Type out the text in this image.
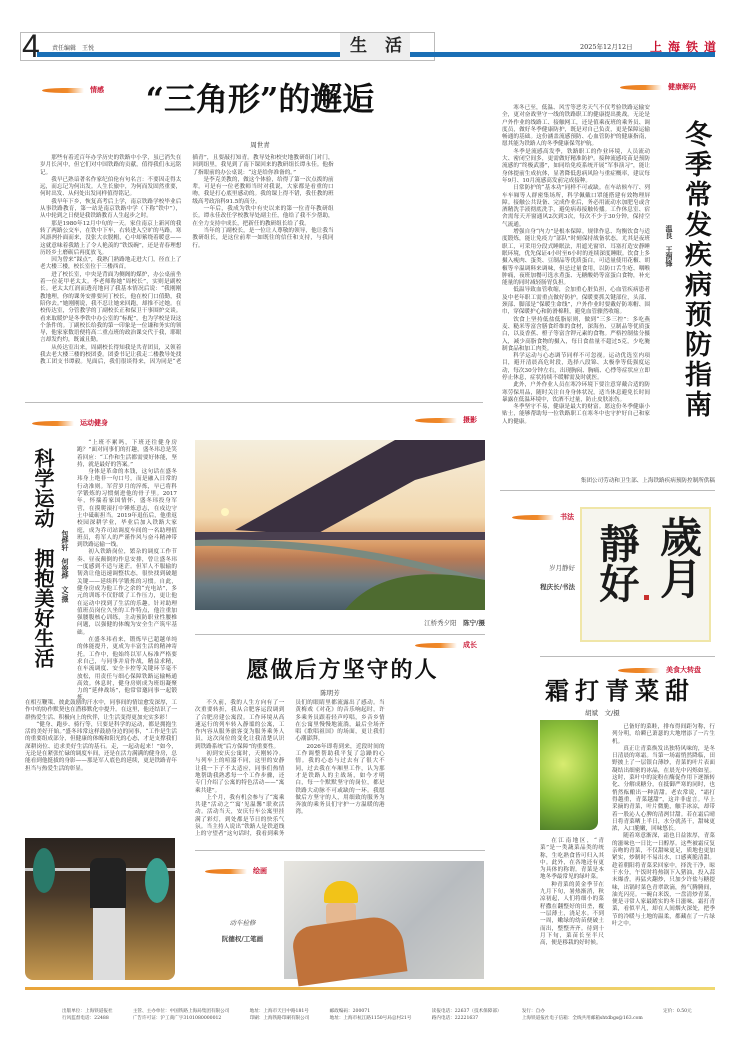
4 责任编辑　王悦	生活	2025年12月12日 上海铁道
情感	“三角形”的邂逅
周世青

那些有着近百年办学历史的铁路中小学，虽已消失在岁月长河中，但它们对中国铁路的贡献，值得我们永远铭记。

我早已熟谙著名作家纪伯伦有句名言：不要因走得太远，而忘记为何出发。人生长旅中，为何而发固然重要，何时出发、从何处出发同样值得铭记。

我早年下乡，恢复高考后上学，南京铁路学校毕业后从事铁路教育，第一站是南京铁路中学（下称“铁中”），从中轮到之日便是我铁路教育人生起步之时。

那是1980年12月中旬的一天。家住南京上新河的我转了两路公交车，在铁中下车，右转进入空旷的马路。寒风凛冽扑面而来，没张大衣脱帽，心中却萦绕着暖意——这就意味着我踏上了令人艳羡的“铁饭碗”，还是青春理想历经乡土磨砺后再度放飞。

因为曾来“踩点”，我熟门熟路地走进大门，径直上了老大楼三楼，校长室位于三楼西首。

进了校长室，中央是背面为侧阁的煤炉，办公桌前坐着一位花甲老太太。李老师称她“周校长”，实则是副校长。老太太红润而透亮地问了我基本情况后说：“我刚刚教地理，你的课务安排要问丁校长，他在校门口值勤，我陪你去。”她刚刚说，我不忍让她来回跑，却推不过她。在校传达室，分管教学的丁副校长正和保卫干事围炉交谈。看来取暖炉是冬季铁中办公室的“标配”，也为学校是设这个条件的。丁副校长给我的第一印象是一位谦和务实的领导，他家家数语便将高二重点班的政治课交代于我，耶眼言却发灼灼，既诚且勤。

从传达室出来，周副校长得知我是共青团员，又领着我去老大楼三楼的校团委。团委书记让我走二楼教导处找教工团支书谭毅。见面后，我们很谈得来，因为同是“老插青”，且要敲打知青。教导处和校史地教研组门对门，回到组里，我见到了南下课回来的教研组长谭永佳。他指了指眼前的办公桌说：“这是给你准备的。”

是李克美教的，做这个体验，给得了第一次点拨的前辈。可是有一位老教师当时对我说，大家都是看重的口吻，我是打心底里感动的。我的课上得不错，我任教的班级高考政治科91.5的高分。

一年后，我成为铁中有史以来的第一位青年教研组长。谭永佳改任学校教导处副主任，他给了我不少帮助，在全力支持中成长，把新任的教研组长给了我。

当年的丁副校长，是一位让人尊敬的领导，他让我当教研组长，是这位前辈一如既往的信任和支持，与我同行。

健康解码

寒冬已至，低温、风雪等恶劣天气不仅考验铁路运输安全，更对奋战坚守一线的铁路职工的健康提出挑战。无论是户外作业的线路工、接触网工，还是值乘夜班的乘务员、调度员，做好冬季健康防护，既是对自己负责，更是保障运输畅通的基础。这份涵盖流感预防、心血管防护的健康指南，愿其能为铁路人的冬季健康保驾护航。

冬季是流感高发季，铁路职工的作业环境，人员流动大、密闭空间多，更需做好精准防护。接种流感疫苗是预防流感的“终极武器”，如同给免疫系统开展“军事演习”，能让身体提前生成抗体，显著降低患病风险与重症概率，建议每年9月、10月流感高发前完成接种。

日常防护的“基本功”同样不可或缺。在车站候车厅、列车车厢等人群密集场所，科学佩戴口罩能搭建有效物理屏障。接触公共设备、完成作业后，务必用流动水加肥皂或含酒精洗手液彻底洗手，避免病毒接触传播。工作休息室、宿舍需每天开窗通风2次到3次，每次不少于30分钟，保持空气流通。

增强自身“内力”是根本保障。规律作息、均衡饮食与适度锻炼，能让免疫力“部队”时刻保持战备状态，尤其是夜班职工，可采用分段式睡眠法，用遮光窗帘、耳塞打造安静睡眠环境，优先保证4小时至6小时的连续深度睡眠。饮食上多摄入瘦肉、蛋类、豆制品等优质蛋白，可适量使用花椒、胡椒等辛温调料来调味，但忌过量食用，以防口舌生疮、咽喉肿痛，夜班加餐可选水煮蛋、无糖酸奶等富蛋白食物，补充能量的同时减轻肠胃负担。

低温导致血管收缩，会加重心脏负担，心血管疾病患者及中老年职工需重点做好防护。保暖要抓关键部位，头部、颈部、脚部是“保暖生命线”，户外作业时要戴好防寒帽、围巾，穿保暖护心和防滑棉鞋，避免血管骤然收缩。

饮食上坚持低盐低脂原则，做到“三多三控”：多吃燕麦、糙米等富含膳食纤维的食材，深海鱼、豆制品等优质蛋白，以及香蕉、橙子等富含钾元素的食物。严格控制盐分摄入，减少高脂食物的摄入，每日食盐量不超过5克，少吃腌制食品和加工肉类。

科学运动与心态调节同样不可忽视。运动优选室内项目，避开清晨高危时段，选择八段锦、太极拳等低强度运动，每次30分钟左右，出现胸闷、胸痛、心悸等症状应立即停止休息，症状持续不缓解需及时就医。

此外，户外作业人员在寒冷环境下要注意穿戴合适的防寒劳保用品，随时关注自身身体状况，适当休息避免长时间暴露在低温环境中，饮酒不过量，防止皮肤冻伤。

冬季坚守不易，健康是最大的财富。愿这份冬季健康小贴士，能够帮助每一位铁路职工在寒冬中也守护好自己和家人的健康。

冬季常发疾病预防指南
温良　王润锋
集团公司劳动和卫生部、上海铁路疾病预防控制所供稿
运动健身
科学运动　拥抱美好生活 包烨轩　何俊烨　文/摄

“上班不累吗，下班还往健身房跑？”面对同事们的打趣，盛冬玮总是笑着回应：“工作和生活都需要好体能，坚持，就是最好的答案。”

身体是革命的本钱，这句话在盛冬玮身上绝非一句口号，而是融入日常的行动准则。军营岁月的淬炼，早已将科学锻炼的习惯刻进他的骨子里。2017年，怀揣着家国情怀，盛冬玮投身军营，在摸爬滚打中锤炼意志，在戍边守土中砥砺担当。2019年退伍后，他重返校园深耕学业，毕业后加入铁路大家庭，成为乔司站调度车间的一名助理值班员，将军人的严谨作风与奋斗精神带到铁路运输一线。

初入铁路岗位，繁杂的调度工作节奏、昼夜颠倒的作息安排，曾让盛冬玮一度感到不适与迷茫。但军人不服输的韧劲让他迅速调整状态，很快找到破题关键——延续科学锻炼的习惯。自此，健身房成为他工作之余的“充电站”，多元的训练不仅舒缓了工作压力，更让他在运动中找到了生活的乐趣。针对助理值班员岗位久坐的工作特点，他注重加强腰腹核心训练，主动预防职业性腰椎问题，以强健的体魄为安全生产筑牢基础。

在盛冬玮看来，锻炼早已超越单纯的体能提升，更成为丰富生活的精神寄托。工作中，他始终以军人标准严格要求自己，与同事并肩作战，精益求精，在车流调度、安全卡控等关键环节毫不放松，用责任与细心保障铁路运输畅通高效。休息时，健身房则成为班组凝聚力的“延伸战场”，他常常邀同事一起锻炼，

在相互鞭策、彼此鼓励的汗水中，同事间的情谊愈发深厚，工作中的协作默契也在潜移默化中提升。在这里，他还结识了一群热爱生活、积极向上的伙伴，让生活变得更加充实多彩！

“健身、跑步、骑行等，只要是科学的运动，都是拥抱生活的美好开始。”盛冬玮常这样鼓励身边的同事，“工作是生活的重要组成部分，但健康的体魄和阳光的心态，才是支撑我们深耕岗位、追求美好生活的基石。走，一起动起来！”如今，无论是在紧张忙碌的调度车间，还是在活力满满的健身房，总能看到他挺拔的身影——那是军人底色的延续，更是铁路青年担当与热爱生活的彰显。

摄影
江桥秀夕阳　 陈宁/摄
成长
愿做后方坚守的人
陈明芳

不久前，我的人生方向有了一次重要转折，我从合肥客运段调到了合肥房建公寓段。工作环境从高速运行的列车转入静谧的公寓，工作内容从服务旅客变为服务乘务人员，这次岗位的变化让我清楚认识到铁路系统“后方保障”的重要性。

初到安庆公寓时，天刚转冷。与列车上的喧嚣不同，这里的安静让我一下子不太适应，同事们热情地帮助我熟悉每一个工作步骤，还专门介绍了公寓的特色活动——“寓乘共建”。

上个月，我有机会参与了“寓乘共建”活动之“‘寓’见温馨”联欢活动。活动当天，安庆行车公寓里挂满了彩灯，到处都是节日的快乐气氛。当主持人说出“铁路人是铁道线上的守望者”这句话时，我看到乘务员们的眼睛里都流露出了感动。当黄梅戏《对花》的音乐响起时，许多乘务员跟着轻声哼唱，乡音乡情在公寓里慢慢地流淌，最后全场齐唱《歌唱祖国》的场面，更让我们心潮澎湃。

2026年即将到来，近段时间的工作调整帮助我平复了急躁的心情。我的心态与过去有了很大不同，过去我在车厢里工作，认为那才是铁路人的主战场，如今才明白，每一个默默坚守的岗位，都是铁路大动脉不可或缺的一环。我愿做后方坚守的人，用细致的服务为奔波的乘务员们守护一方温暖的港湾。

绘画
动车检修
阮德权/工笔画
书法
岁月静好
程庆长/书法 歲月
靜好
美食大转盘
霜打青菜甜
胡斌　文/摄

已备好的菜畦，排布得间距匀称，行列分明，给瞬已萧瑟的大地增添了一片生机。

真正让青菜焕发出独特风味的，是冬日清晨的寒霜。当第一场霜悄然降临，田野披上了一层银白薄纱，青菜的叶片表面凝结出细密的冰晶，在晨光中闪烁如星。这时，菜叶中的淀粉在酶促作用下逐渐转化、分解成糖分，在抵御严寒的同时，也悄然酝酿出一种清甜。老农常说，“霜打得越重，青菜越甜”，这并非虚言。早上采摘的青菜，叶片微脆，触手冰凉，却带着一股沁人心脾的清冽甘甜。若在霜后晴日将青菜晒上半日，水分就蒸干，甜味更浓，入口脆嫩，回味悠长。

随着寒意渐深，霜也日益浓厚，青菜的滋味也一日比一日醇厚。这些被霜反复亲吻的青菜，不仅甜味更足，质地也更加紧实，炒制时不易出水，口感爽脆清甜。趁着朝阳将青菜采回家中，择洗干净，晾干水分，午饭时将热锅下入猪油，投入蒜末爆香，再猛火翻炒，只加少许盐与糖提味，出锅时菜色青翠欲滴，热气腾腾间，油光闪亮。一碗白米饭，一盘清炒青菜，便是寻常人家最踏实的冬日滋味。霜打青菜，看似平凡，却在人间烟火深处，把季节的冷暖与土地的温柔，都藏在了一片绿叶之中。

在江南地区，“青菜”是一类蔬菜品类的统称，生吃熟食皆可归入其中。此外，在各地还有更为具体的称谓。青菜是本地冬季最常见的绿叶菜。

种青菜的黄金季节在九月下旬，暑热渐消，秋凉初起，人们将细小的菜籽撒在翻整好的田垄，覆一层薄土，浇足水。不到一周，嫩绿的幼苗便破土而出，整整齐齐。待到十月下旬，菜苗长至半尺高，便是移栽的好时候。

出版单位：上海铁道报社
行风监督电话：22488
主管、主办单位：中国铁路上海局集团有限公司
广告许可证：沪工商广字3101080000012
地址：上海市天目中路181号
印刷：上海铁路印刷有限公司
邮政编码：200071
地址：上海市杭江路1150号局总村21号
读报电话：22637（技术保障部）
路内电话：22221637
发行：自办
上海铁道报社电子信箱：全线共用邮箱shtdbgs@163.com
定价：0.50元
